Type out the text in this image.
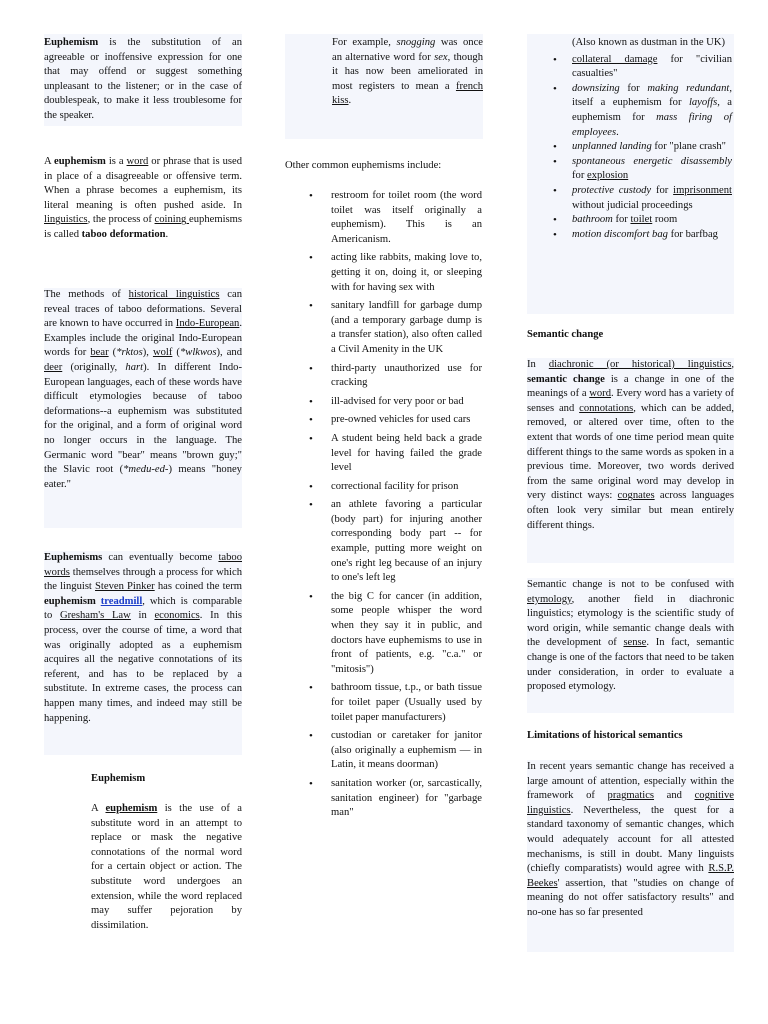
Euphemism is the substitution of an agreeable or inoffensive expression for one that may offend or suggest something unpleasant to the listener; or in the case of doublespeak, to make it less troublesome for the speaker.

A euphemism is a word or phrase that is used in place of a disagreeable or offensive term. When a phrase becomes a euphemism, its literal meaning is often pushed aside. In linguistics, the process of coining euphemisms is called taboo deformation.

The methods of historical linguistics can reveal traces of taboo deformations. Several are known to have occurred in Indo-European. Examples include the original Indo-European words for bear (*rktos), wolf (*wlkwos), and deer (originally, hart). In different Indo-European languages, each of these words have difficult etymologies because of taboo deformations--a euphemism was substituted for the original, and a form of original word no longer occurs in the language. The Germanic word "bear" means "brown guy;" the Slavic root (*medu-ed-) means "honey eater."

Euphemisms can eventually become taboo words themselves through a process for which the linguist Steven Pinker has coined the term euphemism treadmill, which is comparable to Gresham's Law in economics. In this process, over the course of time, a word that was originally adopted as a euphemism acquires all the negative connotations of its referent, and has to be replaced by a substitute. In extreme cases, the process can happen many times, and indeed may still be happening.

Euphemism

A euphemism is the use of a substitute word in an attempt to replace or mask the negative connotations of the normal word for a certain object or action. The substitute word undergoes an extension, while the word replaced may suffer pejoration by dissimilation.

For example, snogging was once an alternative word for sex, though it has now been ameliorated in most registers to mean a french kiss.

Other common euphemisms include:
• restroom for toilet room (the word toilet was itself originally a euphemism). This is an Americanism.
• acting like rabbits, making love to, getting it on, doing it, or sleeping with for having sex with
• sanitary landfill for garbage dump (and a temporary garbage dump is a transfer station), also often called a Civil Amenity in the UK
• third-party unauthorized use for cracking
• ill-advised for very poor or bad
• pre-owned vehicles for used cars
• A student being held back a grade level for having failed the grade level
• correctional facility for prison
• an athlete favoring a particular (body part) for injuring another corresponding body part -- for example, putting more weight on one's right leg because of an injury to one's left leg
• the big C for cancer (in addition, some people whisper the word when they say it in public, and doctors have euphemisms to use in front of patients, e.g. "c.a." or "mitosis")
• bathroom tissue, t.p., or bath tissue for toilet paper (Usually used by toilet paper manufacturers)
• custodian or caretaker for janitor (also originally a euphemism — in Latin, it means doorman)
• sanitation worker (or, sarcastically, sanitation engineer) for "garbage man"
(Also known as dustman in the UK)
• collateral damage for "civilian casualties"
• downsizing for making redundant, itself a euphemism for layoffs, a euphemism for mass firing of employees.
• unplanned landing for "plane crash"
• spontaneous energetic disassembly for explosion
• protective custody for imprisonment without judicial proceedings
• bathroom for toilet room
• motion discomfort bag for barfbag
Semantic change

In diachronic (or historical) linguistics, semantic change is a change in one of the meanings of a word. Every word has a variety of senses and connotations, which can be added, removed, or altered over time, often to the extent that words of one time period mean quite different things to the same words as spoken in a previous time. Moreover, two words derived from the same original word may develop in very distinct ways: cognates across languages often look very similar but mean entirely different things.

Semantic change is not to be confused with etymology, another field in diachronic linguistics; etymology is the scientific study of word origin, while semantic change deals with the development of sense. In fact, semantic change is one of the factors that need to be taken under consideration, in order to evaluate a proposed etymology.

Limitations of historical semantics

In recent years semantic change has received a large amount of attention, especially within the framework of pragmatics and cognitive linguistics. Nevertheless, the quest for a standard taxonomy of semantic changes, which would adequately account for all attested mechanisms, is still in doubt. Many linguists (chiefly comparatists) would agree with R.S.P. Beekes' assertion, that "studies on change of meaning do not offer satisfactory results" and no-one has so far presented
